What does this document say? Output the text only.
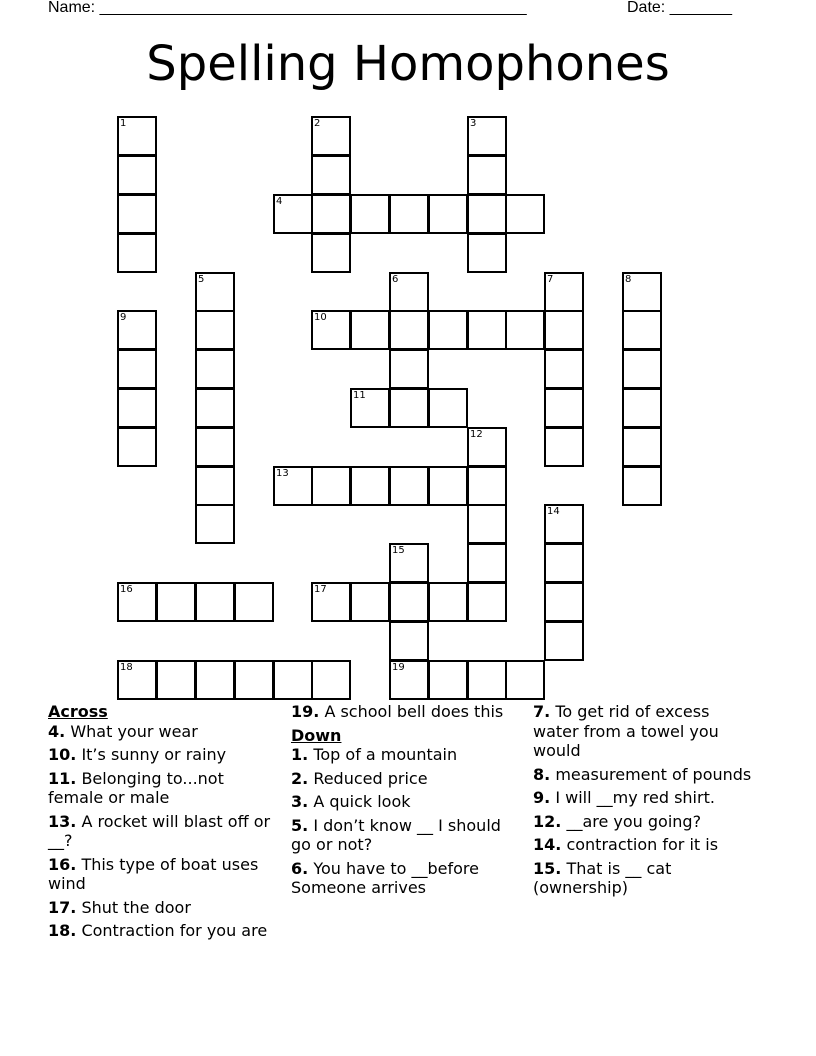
Name: ________________________________________________	Date: _______
Spelling Homophones
1	2	3
4
5	6	7	8
9	10
11
12
13
14
15
16	17
18	19
Across
4. What your wear
10. It’s sunny or rainy
11. Belonging to...not female or male
13. A rocket will blast off or __?
16. This type of boat uses wind
17. Shut the door
18. Contraction for you are
19. A school bell does this
Down
1. Top of a mountain
2. Reduced price
3. A quick look
5. I don’t know __ I should go or not?
6. You have to __before Someone arrives
7. To get rid of excess water from a towel you would
8. measurement of pounds
9. I will __my red shirt.
12. __are you going?
14. contraction for it is
15. That is __ cat (ownership)
